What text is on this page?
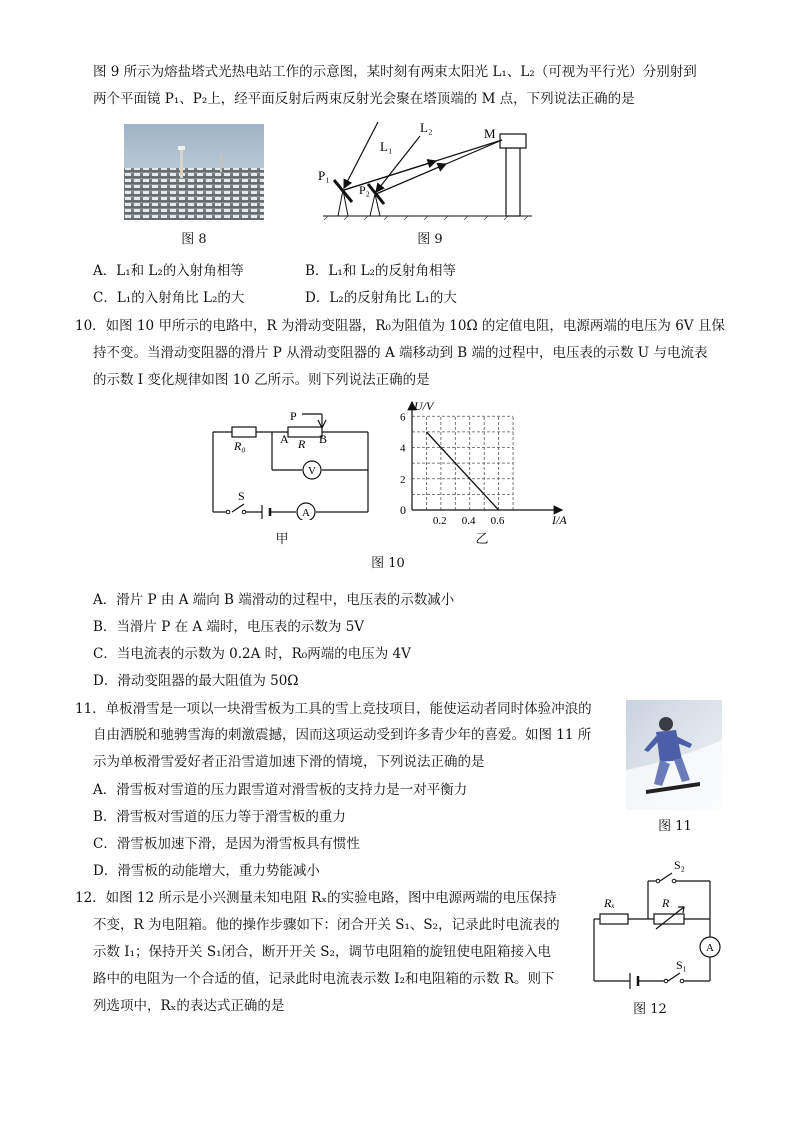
图 9 所示为熔盐塔式光热电站工作的示意图，某时刻有两束太阳光 L₁、L₂（可视为平行光）分别射到
两个平面镜 P₁、P₂上，经平面反射后两束反射光会聚在塔顶端的 M 点，下列说法正确的是
图 8
L₁
L₂	M
P₁
P₂
图 9
A．L₁和 L₂的入射角相等	B．L₁和 L₂的反射角相等
C．L₁的入射角比 L₂的大	D．L₂的反射角比 L₁的大
10．如图 10 甲所示的电路中，R 为滑动变阻器，R₀为阻值为 10Ω 的定值电阻，电源两端的电压为 6V 且保
持不变。当滑动变阻器的滑片 P 从滑动变阻器的 A 端移动到 B 端的过程中，电压表的示数 U 与电流表
的示数 I 变化规律如图 10 乙所示。则下列说法正确的是
P
A R B
R₀
V
S
A
甲
U/V
I/A
0
0.2 0.4 0.6
2
4
6
乙
图 10
A．滑片 P 由 A 端向 B 端滑动的过程中，电压表的示数减小
B．当滑片 P 在 A 端时，电压表的示数为 5V
C．当电流表的示数为 0.2A 时，R₀两端的电压为 4V
D．滑动变阻器的最大阻值为 50Ω
11．单板滑雪是一项以一块滑雪板为工具的雪上竞技项目，能使运动者同时体验冲浪的
自由洒脱和驰骋雪海的刺激震撼，因而这项运动受到许多青少年的喜爱。如图 11 所
示为单板滑雪爱好者正沿雪道加速下滑的情境，下列说法正确的是
A．滑雪板对雪道的压力跟雪道对滑雪板的支持力是一对平衡力
B．滑雪板对雪道的压力等于滑雪板的重力
C．滑雪板加速下滑，是因为滑雪板具有惯性
D．滑雪板的动能增大，重力势能减小
图 11
12．如图 12 所示是小兴测量未知电阻 Rₓ的实验电路，图中电源两端的电压保持
不变，R 为电阻箱。他的操作步骤如下：闭合开关 S₁、S₂，记录此时电流表的
示数 I₁；保持开关 S₁闭合，断开开关 S₂，调节电阻箱的旋钮使电阻箱接入电
路中的电阻为一个合适的值，记录此时电流表示数 I₂和电阻箱的示数 R。则下
列选项中，Rₓ的表达式正确的是
S₂
Rₓ	R
A
S₁
图 12
